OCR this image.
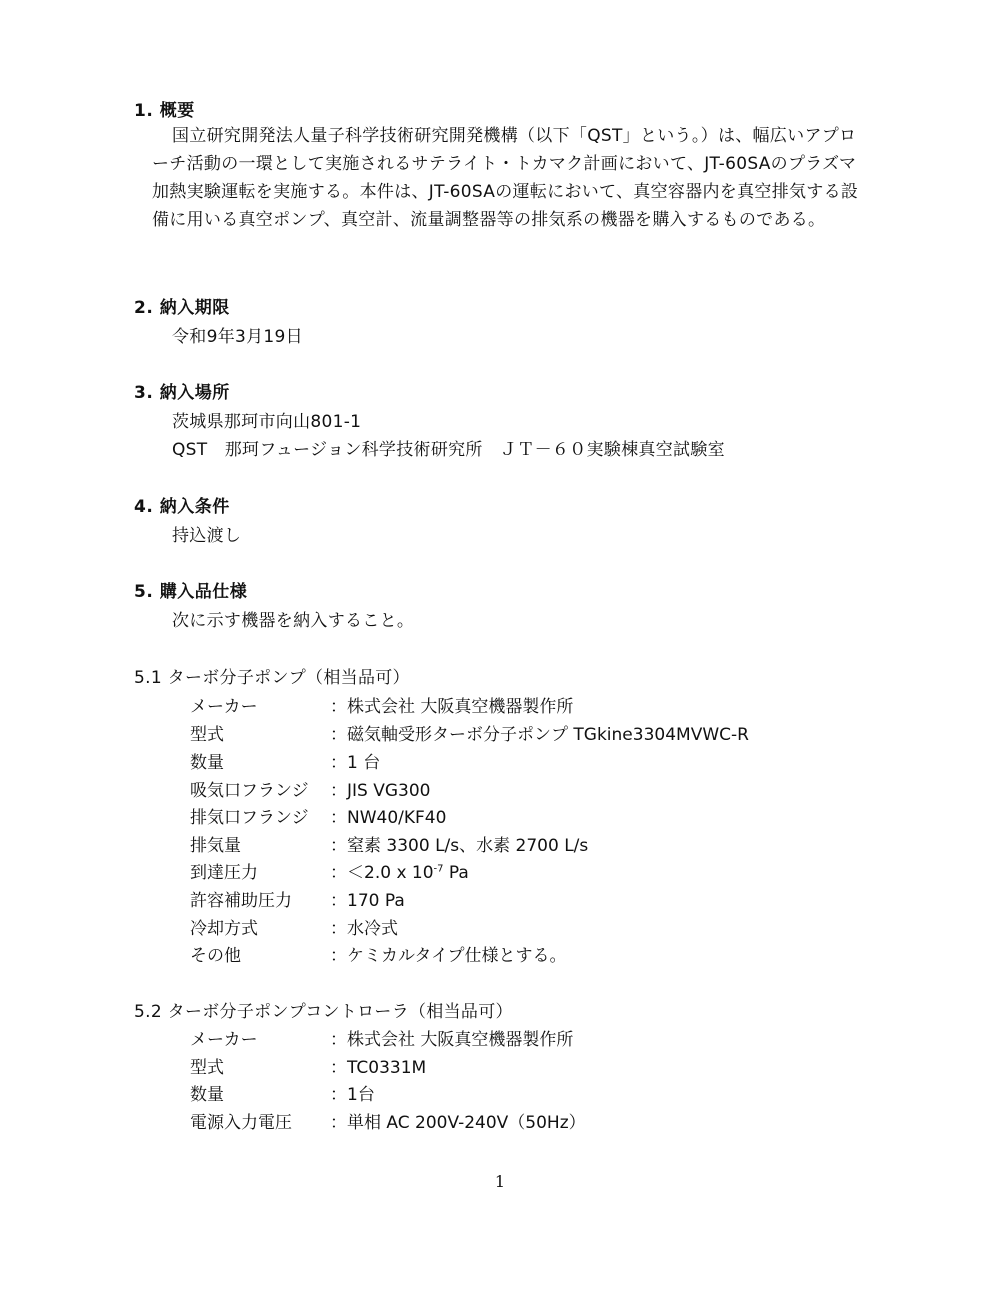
1. 概要
国立研究開発法人量子科学技術研究開発機構（以下「QST」という。）は、幅広いアプローチ活動の一環として実施されるサテライト・トカマク計画において、JT-60SAのプラズマ加熱実験運転を実施する。本件は、JT-60SAの運転において、真空容器内を真空排気する設備に用いる真空ポンプ、真空計、流量調整器等の排気系の機器を購入するものである。
2. 納入期限
令和9年3月19日
3. 納入場所
茨城県那珂市向山801-1
QST　那珂フュージョン科学技術研究所　ＪＴ－６０実験棟真空試験室
4. 納入条件
持込渡し
5. 購入品仕様
次に示す機器を納入すること。
5.1 ターボ分子ポンプ（相当品可）
メーカー	：株式会社 大阪真空機器製作所
型式	：磁気軸受形ターボ分子ポンプ TGkine3304MVWC-R
数量	：1 台
吸気口フランジ ：JIS VG300
排気口フランジ ：NW40/KF40
排気量	：窒素 3300 L/s、水素 2700 L/s
到達圧力	：＜2.0 x $10^{-7}$ Pa
許容補助圧力 ：170 Pa
冷却方式	：水冷式
その他	：ケミカルタイプ仕様とする。
5.2 ターボ分子ポンプコントローラ（相当品可）
メーカー	：株式会社 大阪真空機器製作所
型式	：TC0331M
数量	：1台
電源入力電圧 ：単相 AC 200V-240V（50Hz）
1
